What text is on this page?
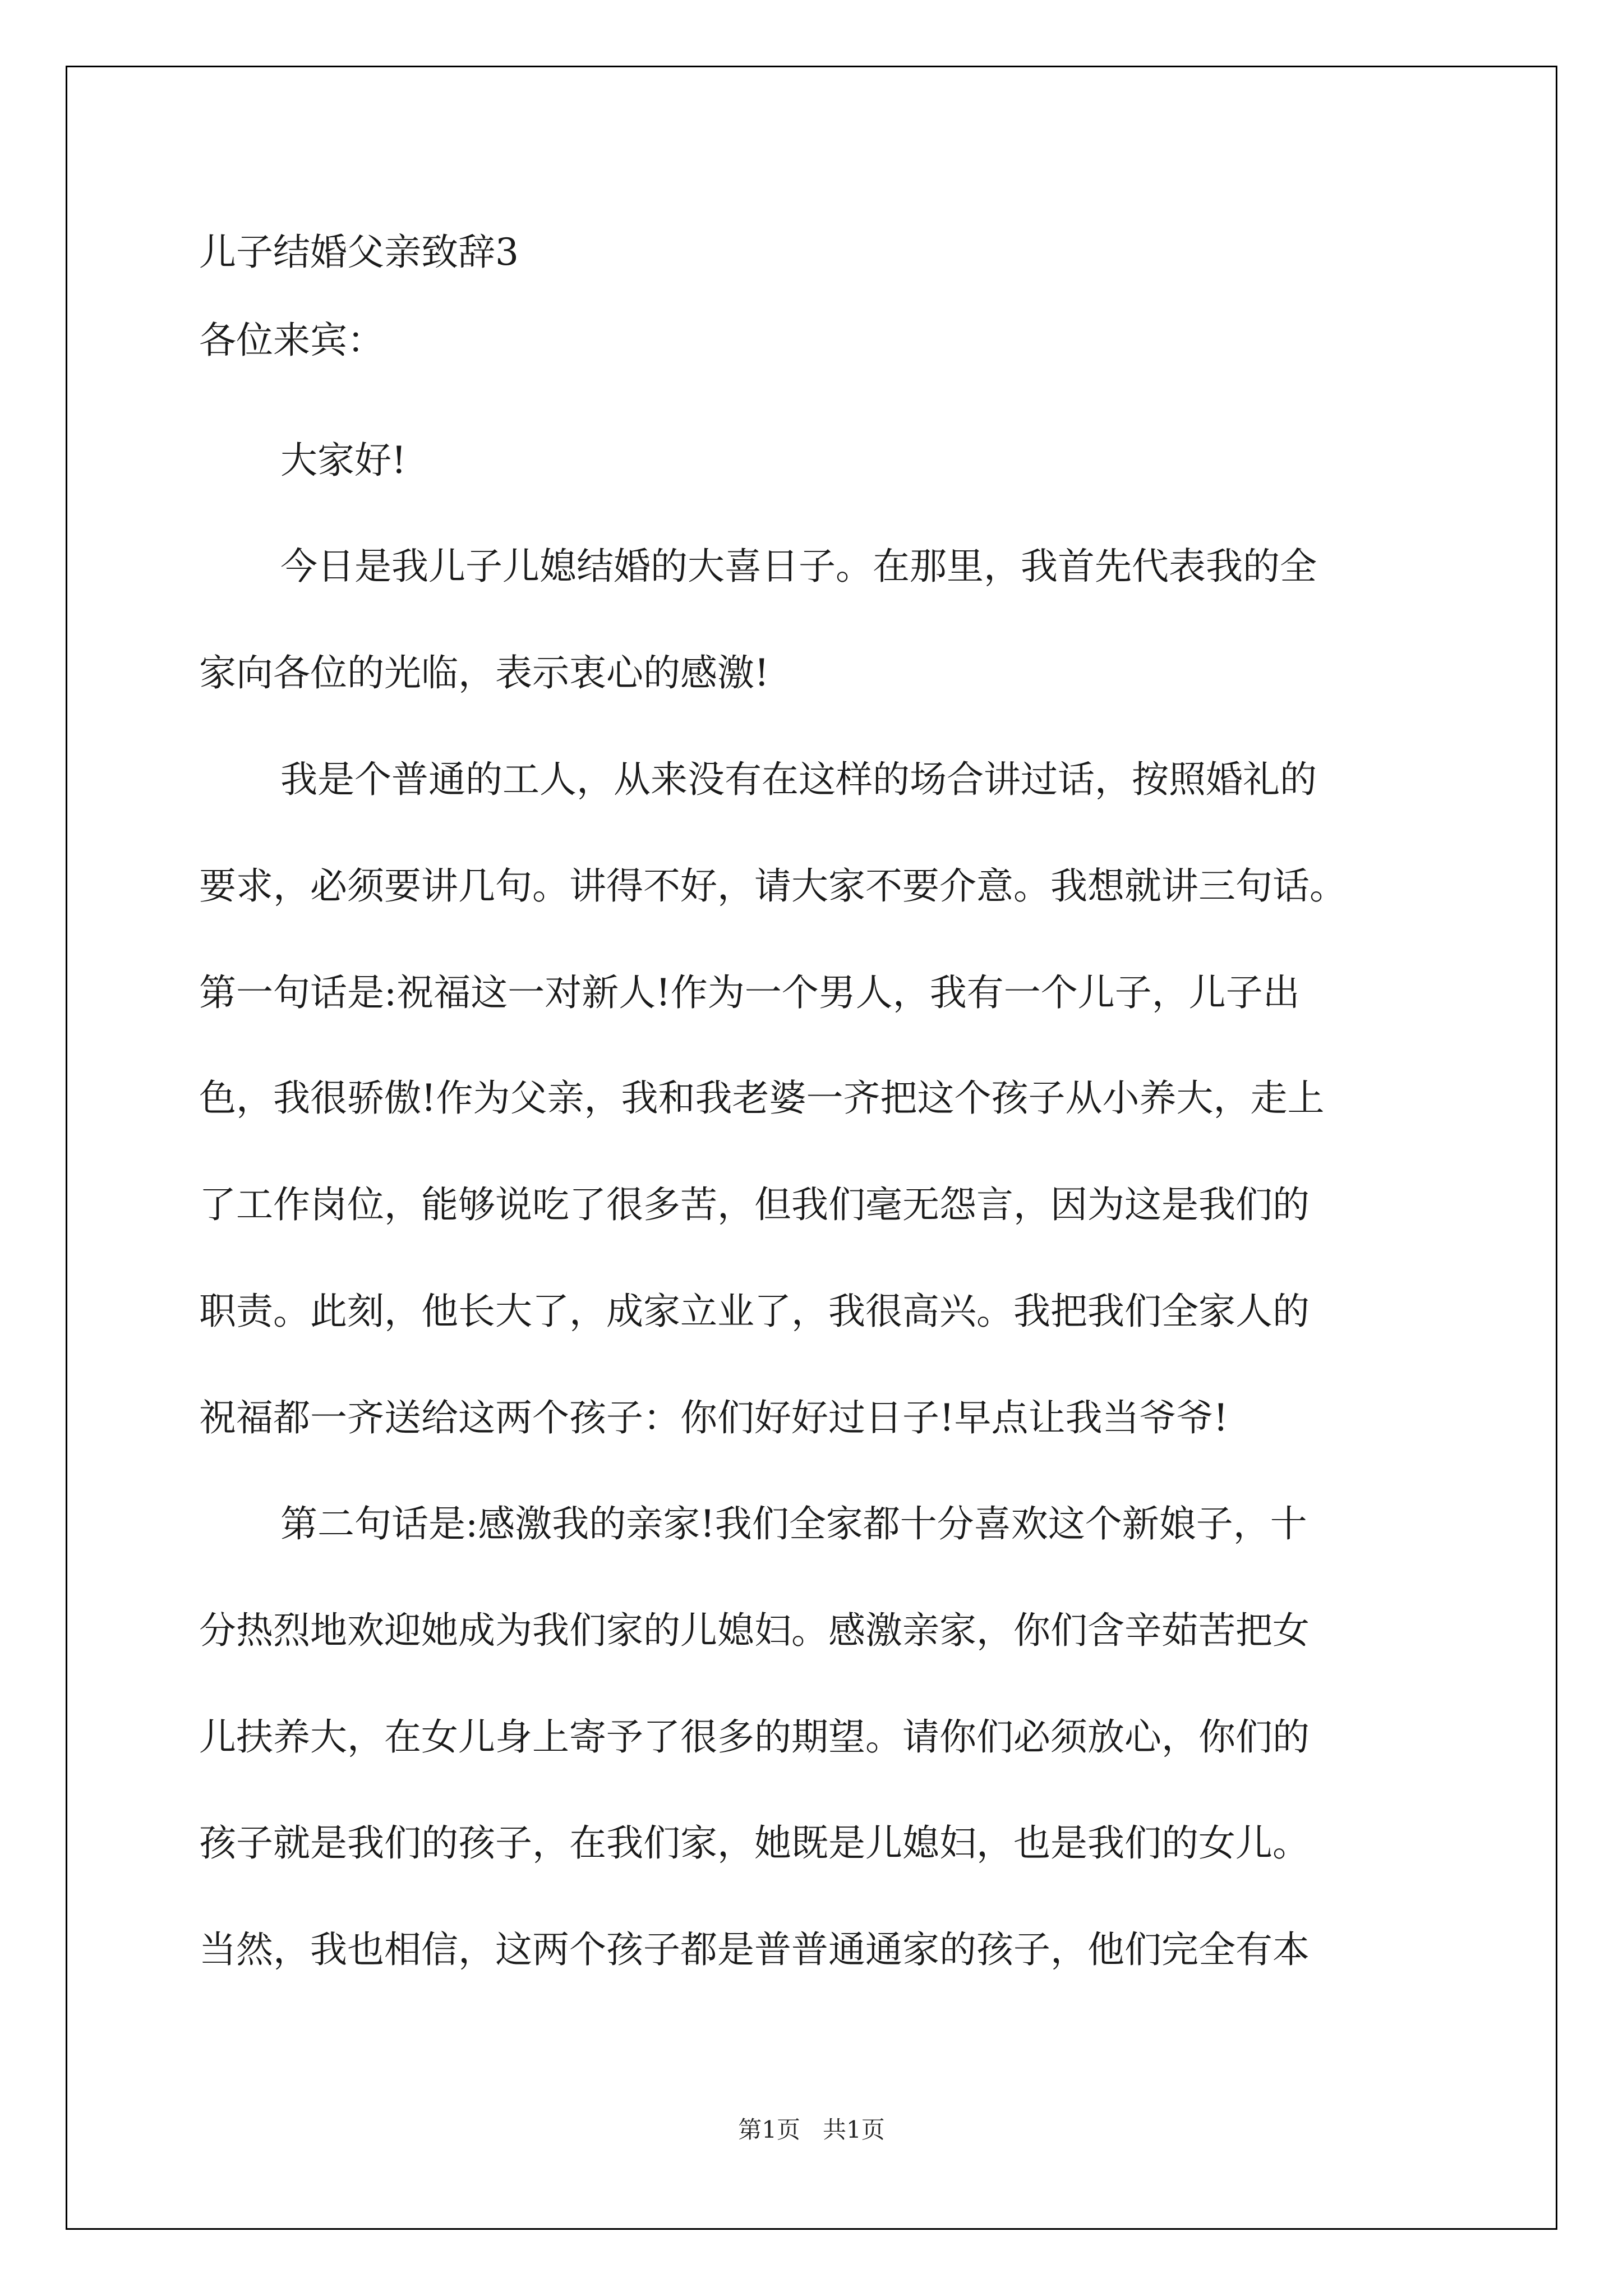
儿子结婚父亲致辞3
各位来宾：
大家好!
今日是我儿子儿媳结婚的大喜日子。在那里，我首先代表我的全
家向各位的光临，表示衷心的感激!
我是个普通的工人，从来没有在这样的场合讲过话，按照婚礼的
要求，必须要讲几句。讲得不好，请大家不要介意。我想就讲三句话。
第一句话是:祝福这一对新人!作为一个男人，我有一个儿子，儿子出
色，我很骄傲!作为父亲，我和我老婆一齐把这个孩子从小养大，走上
了工作岗位，能够说吃了很多苦，但我们毫无怨言，因为这是我们的
职责。此刻，他长大了，成家立业了，我很高兴。我把我们全家人的
祝福都一齐送给这两个孩子：你们好好过日子!早点让我当爷爷!
第二句话是:感激我的亲家!我们全家都十分喜欢这个新娘子，十
分热烈地欢迎她成为我们家的儿媳妇。感激亲家，你们含辛茹苦把女
儿扶养大，在女儿身上寄予了很多的期望。请你们必须放心，你们的
孩子就是我们的孩子，在我们家，她既是儿媳妇，也是我们的女儿。
当然，我也相信，这两个孩子都是普普通通家的孩子，他们完全有本
第1页   共1页
